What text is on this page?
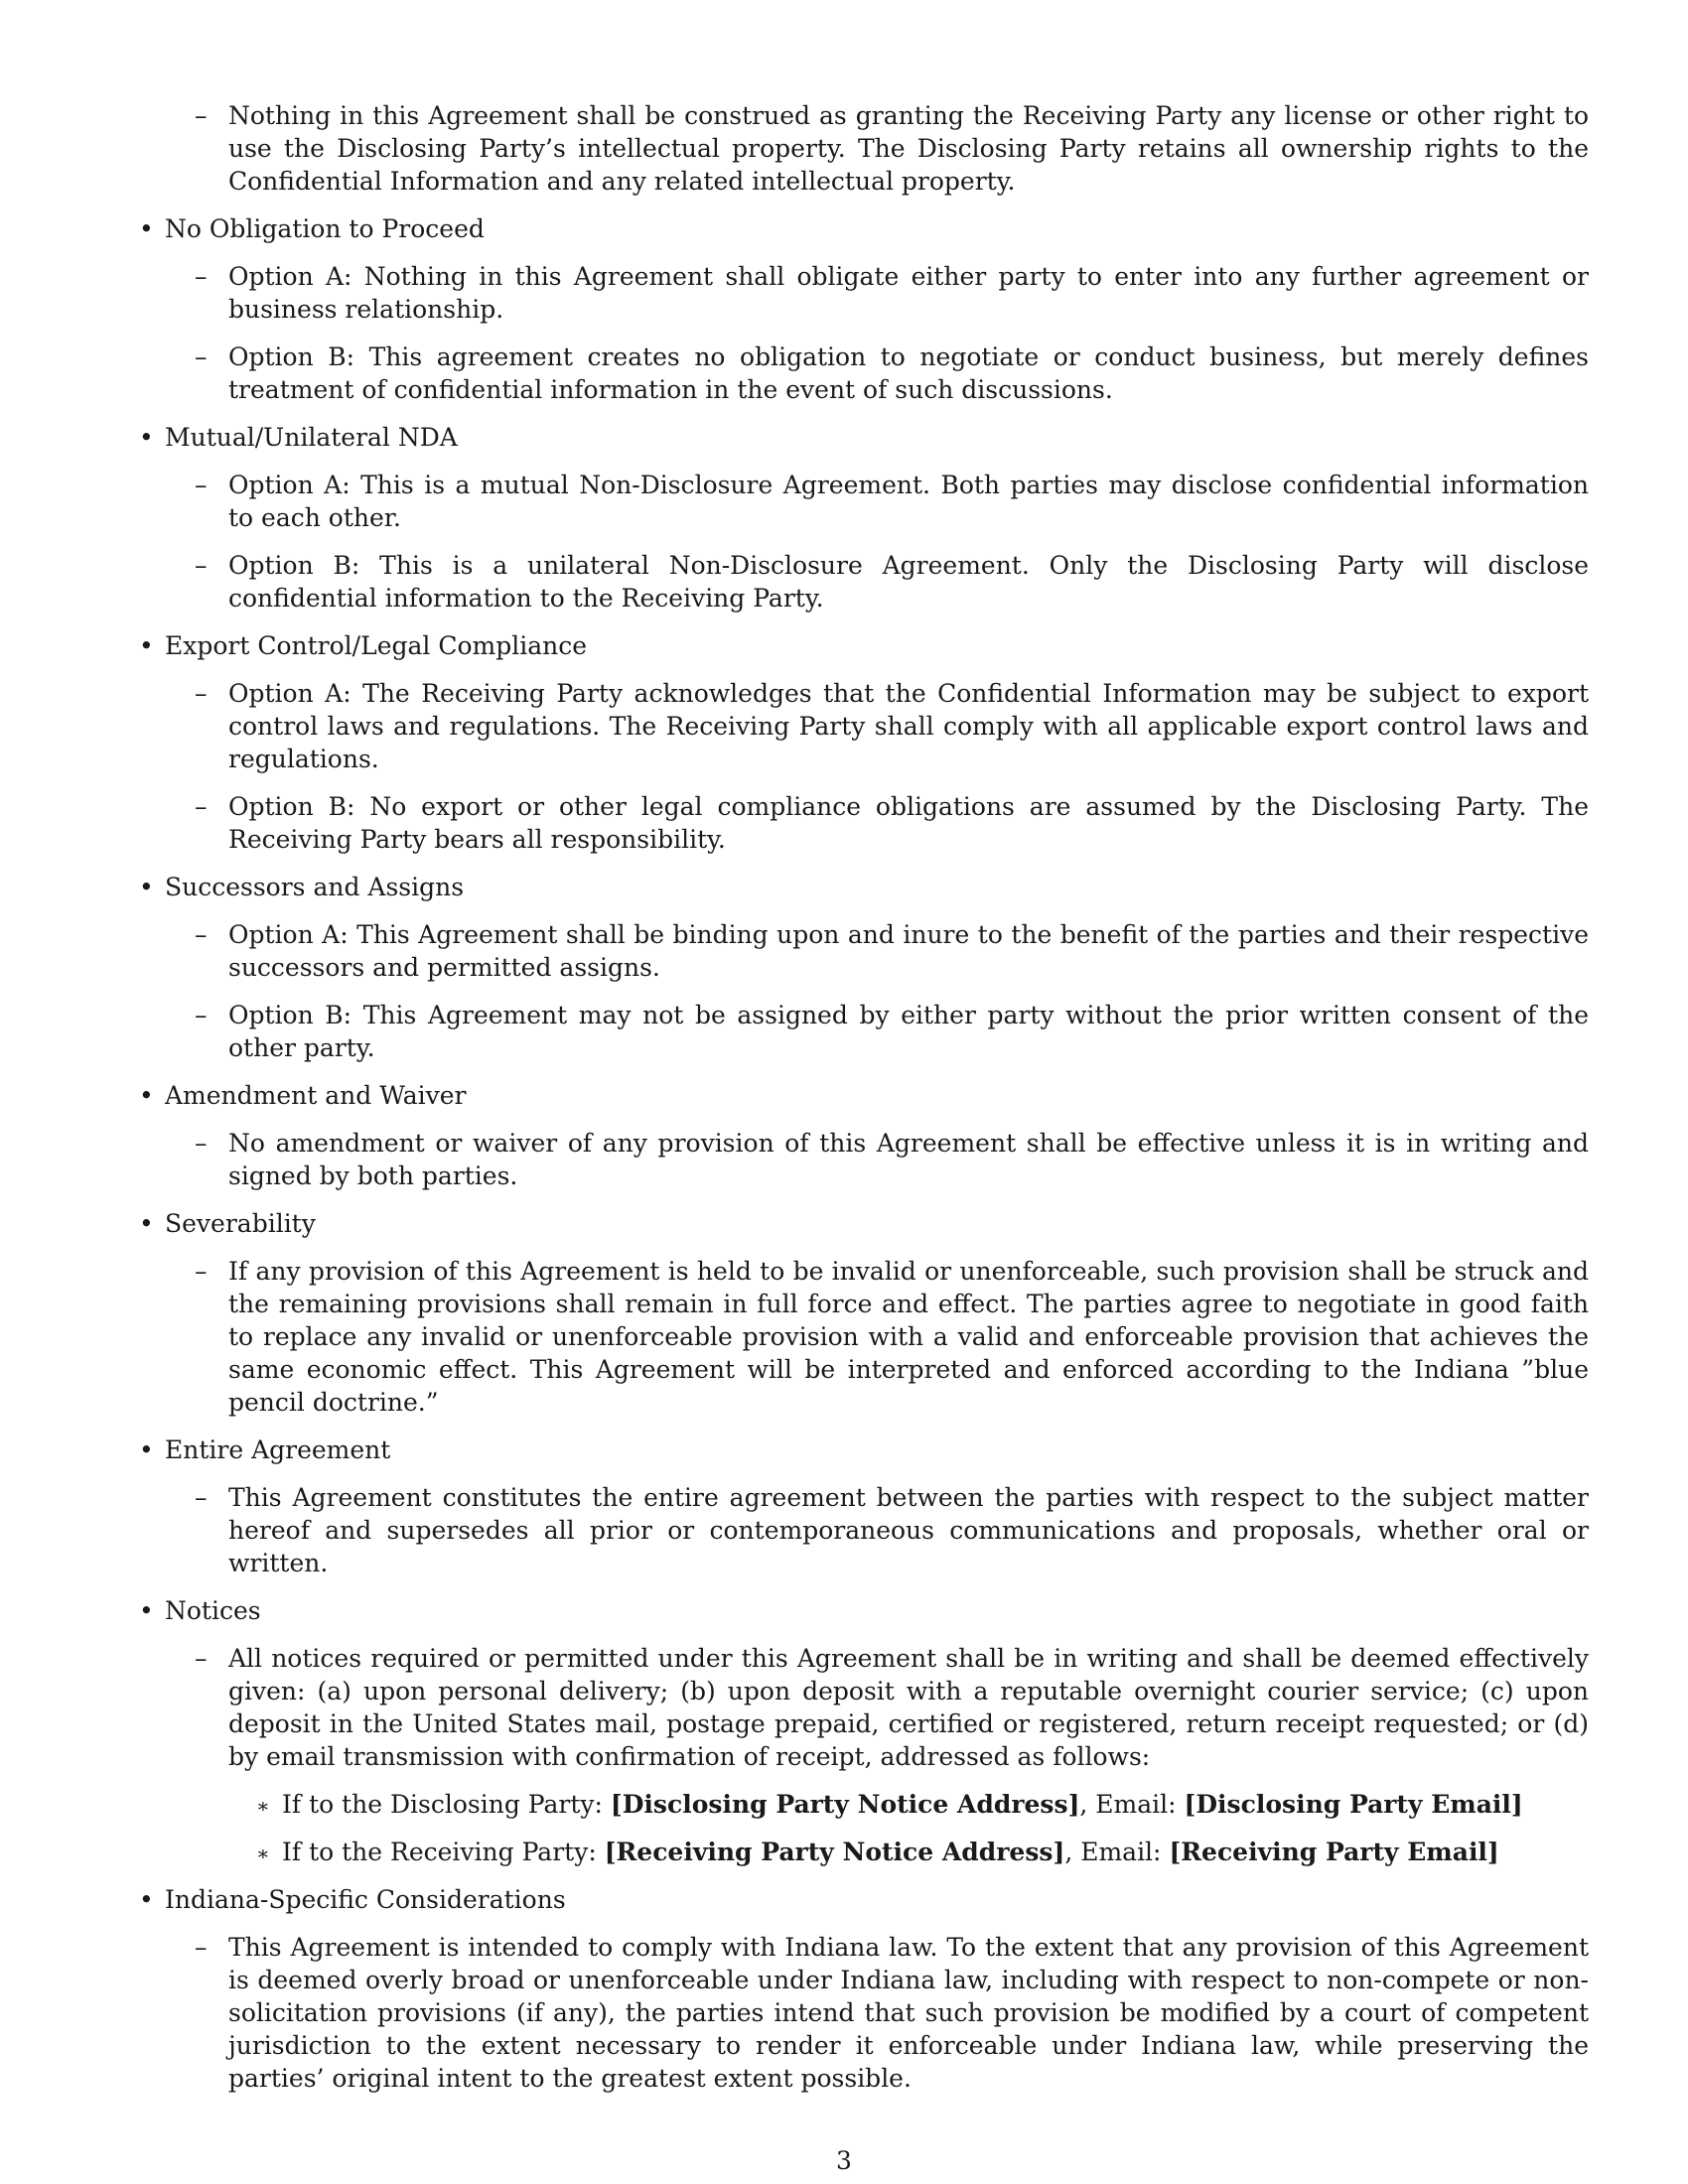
– Nothing in this Agreement shall be construed as granting the Receiving Party any license or other right to use the Disclosing Party’s intellectual property. The Disclosing Party retains all ownership rights to the Confidential Information and any related intellectual property.
• No Obligation to Proceed
– Option A: Nothing in this Agreement shall obligate either party to enter into any further agreement or business relationship.
– Option B: This agreement creates no obligation to negotiate or conduct business, but merely defines treatment of confidential information in the event of such discussions.
• Mutual/Unilateral NDA
– Option A: This is a mutual Non-Disclosure Agreement. Both parties may disclose confidential information to each other.
– Option B: This is a unilateral Non-Disclosure Agreement. Only the Disclosing Party will disclose confidential information to the Receiving Party.
• Export Control/Legal Compliance
– Option A: The Receiving Party acknowledges that the Confidential Information may be subject to export control laws and regulations. The Receiving Party shall comply with all applicable export control laws and regulations.
– Option B: No export or other legal compliance obligations are assumed by the Disclosing Party. The Receiving Party bears all responsibility.
• Successors and Assigns
– Option A: This Agreement shall be binding upon and inure to the benefit of the parties and their respective successors and permitted assigns.
– Option B: This Agreement may not be assigned by either party without the prior written consent of the other party.
• Amendment and Waiver
– No amendment or waiver of any provision of this Agreement shall be effective unless it is in writing and signed by both parties.
• Severability
– If any provision of this Agreement is held to be invalid or unenforceable, such provision shall be struck and the remaining provisions shall remain in full force and effect. The parties agree to negotiate in good faith to replace any invalid or unenforceable provision with a valid and enforceable provision that achieves the same economic effect. This Agreement will be interpreted and enforced according to the Indiana ”blue pencil doctrine.”
• Entire Agreement
– This Agreement constitutes the entire agreement between the parties with respect to the subject matter hereof and supersedes all prior or contemporaneous communications and proposals, whether oral or written.
• Notices
– All notices required or permitted under this Agreement shall be in writing and shall be deemed effectively given: (a) upon personal delivery; (b) upon deposit with a reputable overnight courier service; (c) upon deposit in the United States mail, postage prepaid, certified or registered, return receipt requested; or (d) by email transmission with confirmation of receipt, addressed as follows:
∗ If to the Disclosing Party: [Disclosing Party Notice Address], Email: [Disclosing Party Email]
∗ If to the Receiving Party: [Receiving Party Notice Address], Email: [Receiving Party Email]
• Indiana-Specific Considerations
– This Agreement is intended to comply with Indiana law. To the extent that any provision of this Agreement is deemed overly broad or unenforceable under Indiana law, including with respect to non-compete or non-solicitation provisions (if any), the parties intend that such provision be modified by a court of competent jurisdiction to the extent necessary to render it enforceable under Indiana law, while preserving the parties’ original intent to the greatest extent possible.
3
